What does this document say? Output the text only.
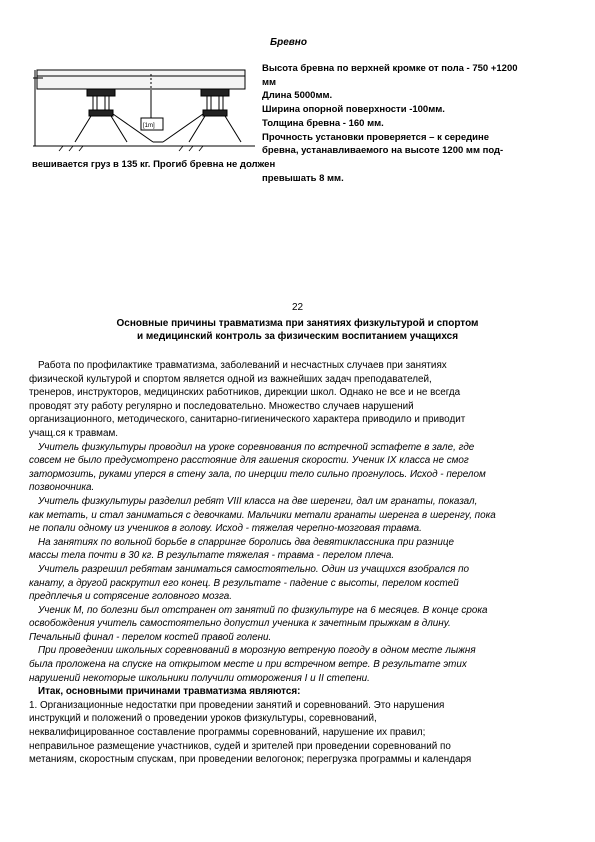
Бревно
[1m]
Высота бревна по верхней кромке от пола - 750 +1200
мм
Длина 5000мм.
Ширина опорной поверхности -100мм.
Толщина бревна - 160 мм.
Прочность установки проверяется – к середине
бревна, устанавливаемого на высоте 1200 мм под-
вешивается груз в 135 кг. Прогиб бревна не должен
превышать 8 мм.
22
Основные причины травматизма при занятиях физкультурой и спортом
и медицинский контроль за физическим воспитанием учащихся

Работа по профилактике травматизма, заболеваний и несчастных случаев при занятиях

физической культурой и спортом является одной из важнейших задач преподавателей,

тренеров, инструкторов, медицинских работников, дирекции школ. Однако не все и не всегда

проводят эту работу регулярно и последовательно. Множество случаев нарушений

организационного, методического, санитарно-гигиенического характера приводило и приводит

учащ.ся к травмам.

Учитель физкультуры проводил на уроке соревнования по встречной эстафете в зале, где

совсем не было предусмотрено расстояние для гашения скорости. Ученик IX класса не смог

затормозить, руками уперся в стену зала, по инерции тело сильно прогнулось. Исход - перелом

позвоночника.

Учитель физкультуры разделил ребят VIII класса на две шеренги, дал им гранаты, показал,

как метать, и стал заниматься с девочками. Мальчики метали гранаты шеренга в шеренгу, пока

не попали одному из учеников в голову. Исход - тяжелая черепно-мозговая травма.

На занятиях по вольной борьбе в спарринге боролись два девятиклассника при разнице

массы тела почти в 30 кг. В результате тяжелая - травма - перелом плеча.

Учитель разрешил ребятам заниматься самостоятельно. Один из учащихся взобрался по

канату, а другой раскрутил его конец. В результате - падение с высоты, перелом костей

предплечья и сотрясение головного мозга.

Ученик М, по болезни был отстранен от занятий по физкультуре на 6 месяцев. В конце срока

освобождения учитель самостоятельно допустил ученика к зачетным прыжкам в длину.

Печальный финал - перелом костей правой голени.

При проведении школьных соревнований в морозную ветреную погоду в одном месте лыжня

была проложена на спуске на открытом месте и при встречном ветре. В результате этих

нарушений некоторые школьники получили отморожения I и II степени.

Итак, основными причинами травматизма являются:

1. Организационные недостатки при проведении занятий и соревнований. Это нарушения

инструкций и положений о проведении уроков физкультуры, соревнований,

неквалифицированное составление программы соревнований, нарушение их правил;

неправильное размещение участников, судей и зрителей при проведении соревнований по

метаниям, скоростным спускам, при проведении велогонок; перегрузка программы и календаря
